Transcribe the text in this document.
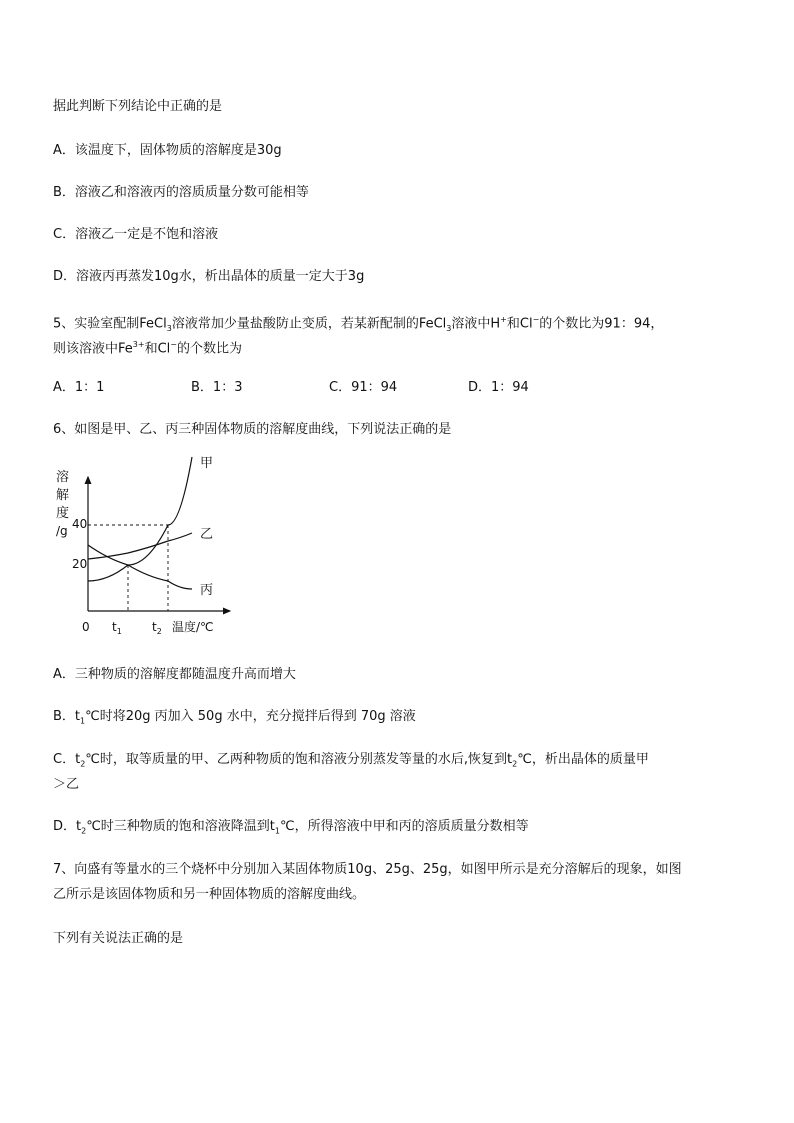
据此判断下列结论中正确的是
A．该温度下，固体物质的溶解度是30g
B．溶液乙和溶液丙的溶质质量分数可能相等
C．溶液乙一定是不饱和溶液
D．溶液丙再蒸发10g水，析出晶体的质量一定大于3g
5、实验室配制FeCl$_3$溶液常加少量盐酸防止变质，若某新配制的FeCl$_3$溶液中H+和Cl−的个数比为91：94，
则该溶液中$Fe^{3+}$和Cl−的个数比为
A．1：1	B．1：3	C．91：94	D．1：94
6、如图是甲、乙、丙三种固体物质的溶解度曲线，下列说法正确的是
溶
解
度
/g 40
20
0 $t_1$	$t_2$ 温度/℃
甲
乙
丙
A．三种物质的溶解度都随温度升高而增大
B．$t_1℃$时将20g 丙加入 50g 水中，充分搅拌后得到 70g 溶液
C．$t_2℃$时，取等质量的甲、乙两种物质的饱和溶液分别蒸发等量的水后,恢复到$t_2℃$，析出晶体的质量甲
＞乙
D．$t_2℃$时三种物质的饱和溶液降温到$t_1℃$，所得溶液中甲和丙的溶质质量分数相等
7、向盛有等量水的三个烧杯中分别加入某固体物质10g、25g、25g，如图甲所示是充分溶解后的现象，如图
乙所示是该固体物质和另一种固体物质的溶解度曲线。
下列有关说法正确的是
